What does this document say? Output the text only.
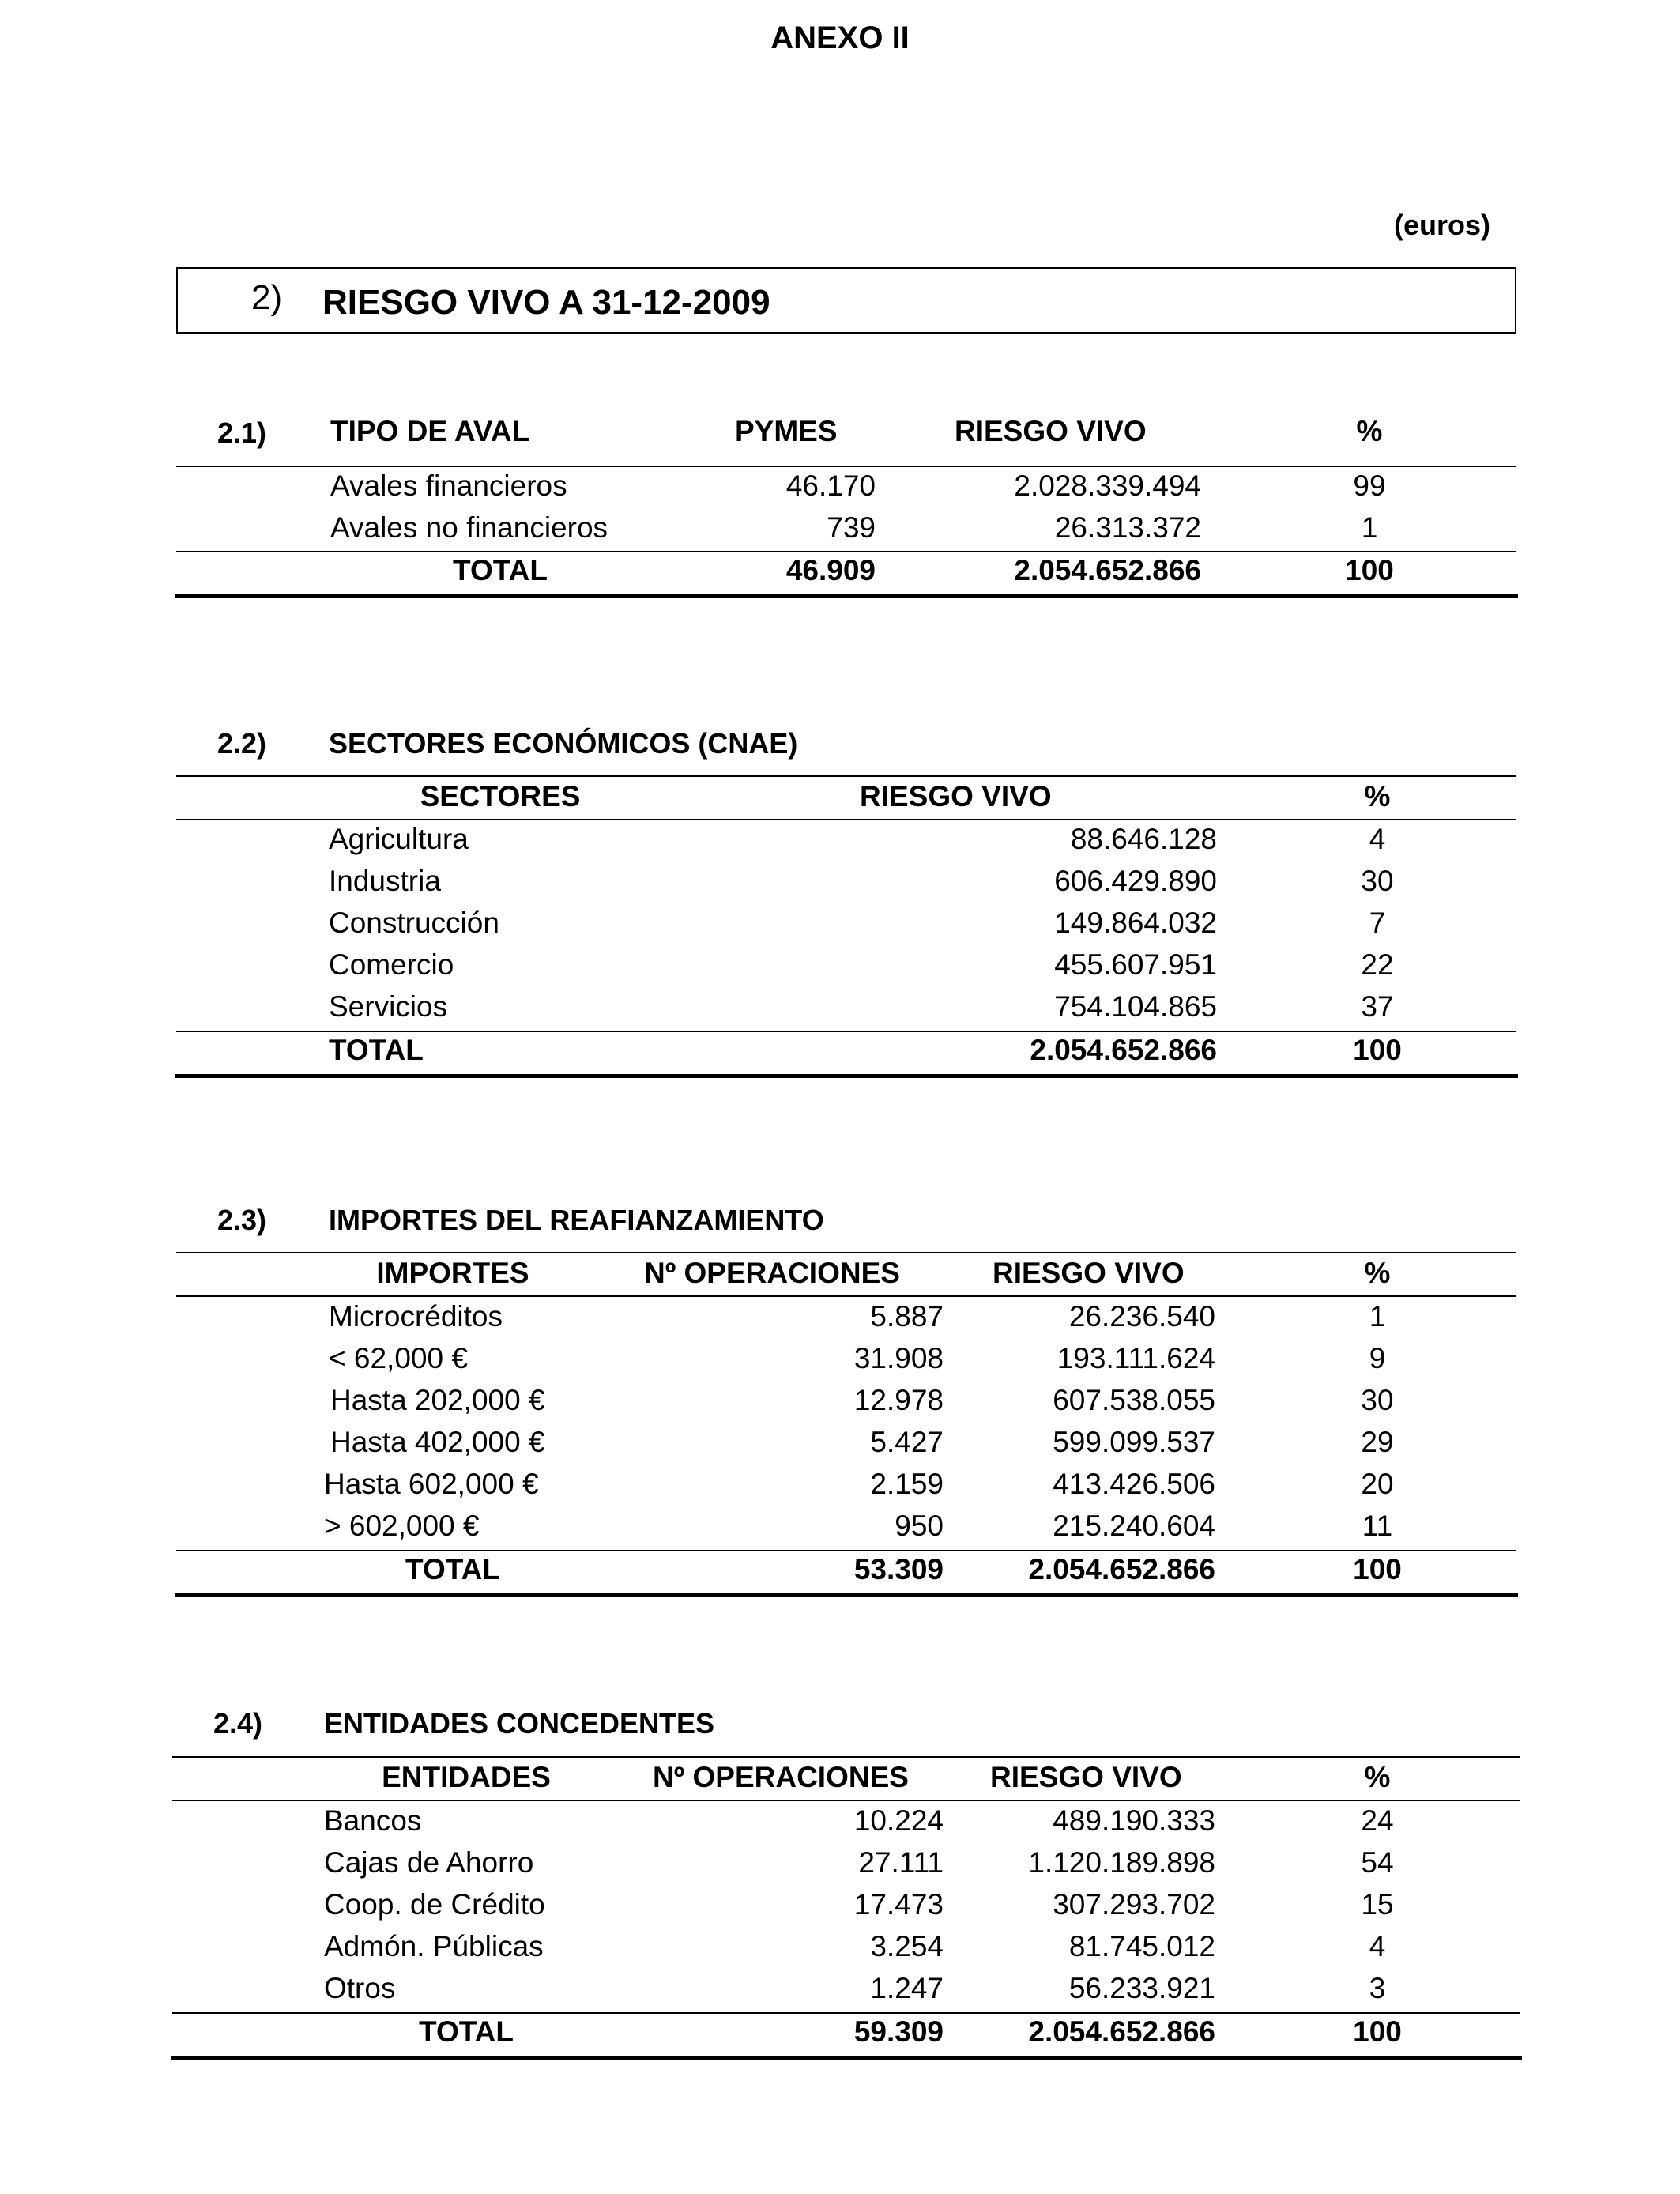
ANEXO II
(euros)
2) RIESGO VIVO A 31-12-2009
2.1) TIPO DE AVAL	PYMES	RIESGO VIVO	%
Avales financieros	46.170	2.028.339.494	99
Avales no financieros	739	26.313.372	1
TOTAL	46.909	2.054.652.866	100
2.2) SECTORES ECONÓMICOS (CNAE)
SECTORES	RIESGO VIVO	%
Agricultura	88.646.128	4
Industria	606.429.890	30
Construcción	149.864.032	7
Comercio	455.607.951	22
Servicios	754.104.865	37
TOTAL	2.054.652.866	100
2.3) IMPORTES DEL REAFIANZAMIENTO
IMPORTES	Nº OPERACIONES	RIESGO VIVO	%
Microcréditos	5.887	26.236.540	1
< 62,000 €	31.908	193.111.624	9
Hasta 202,000 €	12.978	607.538.055	30
Hasta 402,000 €	5.427	599.099.537	29
Hasta 602,000 €	2.159	413.426.506	20
> 602,000 €	950	215.240.604	11
TOTAL	53.309	2.054.652.866	100
2.4) ENTIDADES CONCEDENTES
ENTIDADES	Nº OPERACIONES	RIESGO VIVO	%
Bancos	10.224	489.190.333	24
Cajas de Ahorro	27.111	1.120.189.898	54
Coop. de Crédito	17.473	307.293.702	15
Admón. Públicas	3.254	81.745.012	4
Otros	1.247	56.233.921	3
TOTAL	59.309	2.054.652.866	100
